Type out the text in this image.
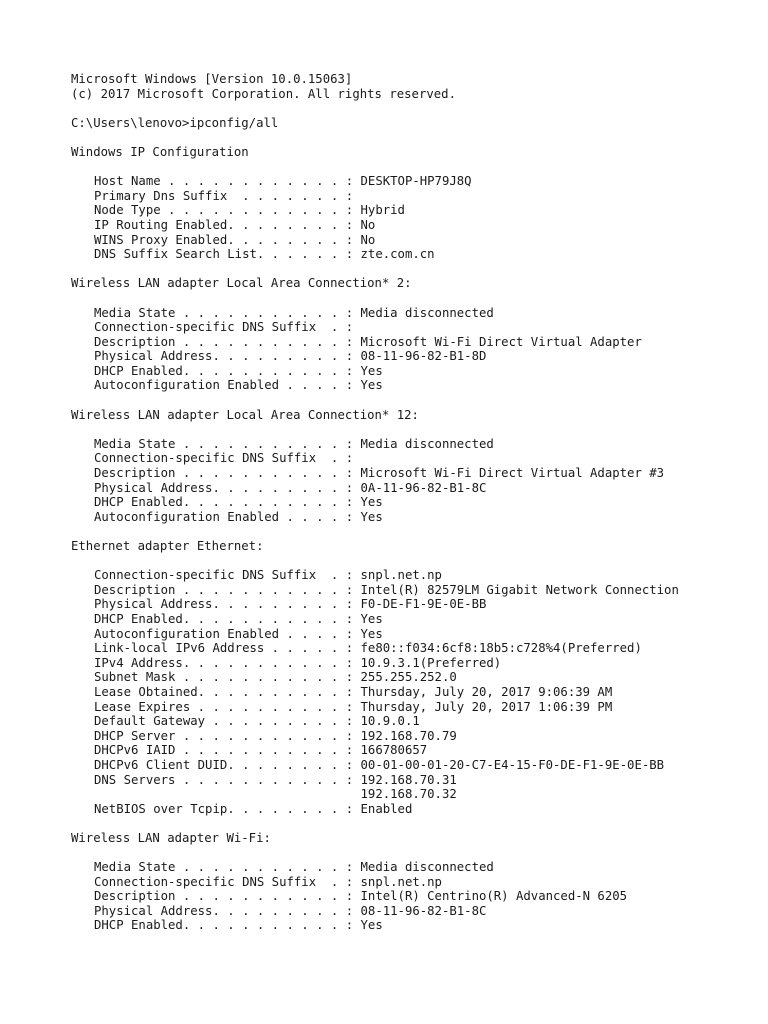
Microsoft Windows [Version 10.0.15063]
(c) 2017 Microsoft Corporation. All rights reserved.
C:\Users\lenovo>ipconfig/all
Windows IP Configuration
Host Name . . . . . . . . . . . . : DESKTOP-HP79J8Q
Primary Dns Suffix  . . . . . . . :
Node Type . . . . . . . . . . . . : Hybrid
IP Routing Enabled. . . . . . . . : No
WINS Proxy Enabled. . . . . . . . : No
DNS Suffix Search List. . . . . . : zte.com.cn
Wireless LAN adapter Local Area Connection* 2:
Media State . . . . . . . . . . . : Media disconnected
Connection-specific DNS Suffix  . :
Description . . . . . . . . . . . : Microsoft Wi-Fi Direct Virtual Adapter
Physical Address. . . . . . . . . : 08-11-96-82-B1-8D
DHCP Enabled. . . . . . . . . . . : Yes
Autoconfiguration Enabled . . . . : Yes
Wireless LAN adapter Local Area Connection* 12:
Media State . . . . . . . . . . . : Media disconnected
Connection-specific DNS Suffix  . :
Description . . . . . . . . . . . : Microsoft Wi-Fi Direct Virtual Adapter #3
Physical Address. . . . . . . . . : 0A-11-96-82-B1-8C
DHCP Enabled. . . . . . . . . . . : Yes
Autoconfiguration Enabled . . . . : Yes
Ethernet adapter Ethernet:
Connection-specific DNS Suffix  . : snpl.net.np
Description . . . . . . . . . . . : Intel(R) 82579LM Gigabit Network Connection
Physical Address. . . . . . . . . : F0-DE-F1-9E-0E-BB
DHCP Enabled. . . . . . . . . . . : Yes
Autoconfiguration Enabled . . . . : Yes
Link-local IPv6 Address . . . . . : fe80::f034:6cf8:18b5:c728%4(Preferred)
IPv4 Address. . . . . . . . . . . : 10.9.3.1(Preferred)
Subnet Mask . . . . . . . . . . . : 255.255.252.0
Lease Obtained. . . . . . . . . . : Thursday, July 20, 2017 9:06:39 AM
Lease Expires . . . . . . . . . . : Thursday, July 20, 2017 1:06:39 PM
Default Gateway . . . . . . . . . : 10.9.0.1
DHCP Server . . . . . . . . . . . : 192.168.70.79
DHCPv6 IAID . . . . . . . . . . . : 166780657
DHCPv6 Client DUID. . . . . . . . : 00-01-00-01-20-C7-E4-15-F0-DE-F1-9E-0E-BB
DNS Servers . . . . . . . . . . . : 192.168.70.31
192.168.70.32
NetBIOS over Tcpip. . . . . . . . : Enabled
Wireless LAN adapter Wi-Fi:
Media State . . . . . . . . . . . : Media disconnected
Connection-specific DNS Suffix  . : snpl.net.np
Description . . . . . . . . . . . : Intel(R) Centrino(R) Advanced-N 6205
Physical Address. . . . . . . . . : 08-11-96-82-B1-8C
DHCP Enabled. . . . . . . . . . . : Yes
